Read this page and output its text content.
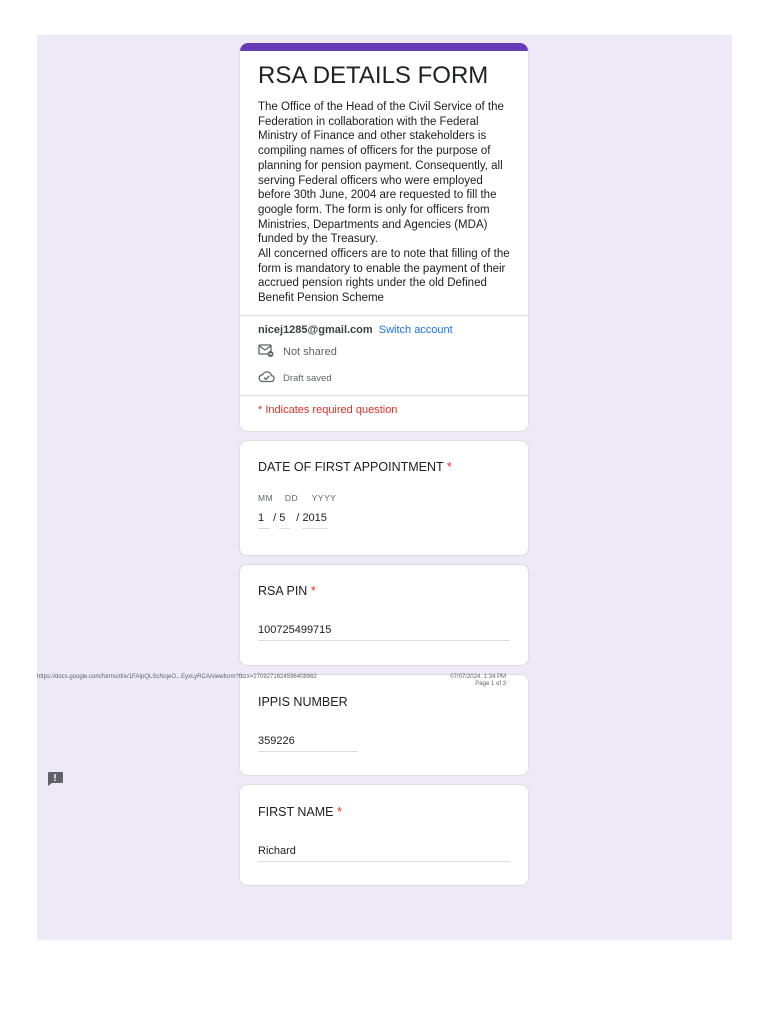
RSA DETAILS FORM
The Office of the Head of the Civil Service of the Federation in collaboration with the Federal Ministry of Finance and other stakeholders is compiling names of officers for the purpose of planning for pension payment. Consequently, all serving Federal officers who were employed before 30th June, 2004 are requested to fill the google form. The form is only for officers from Ministries, Departments and Agencies (MDA) funded by the Treasury.
All concerned officers are to note that filling of the form is mandatory to enable the payment of their accrued pension rights under the old Defined Benefit Pension Scheme
nicej1285@gmail.com Switch account
Not shared
Draft saved
* Indicates required question
DATE OF FIRST APPOINTMENT *
MM DD YYYY
1 / 5  / 2015
RSA PIN *
100725499715
IPPIS NUMBER
359226
FIRST NAME *
Richard
https://docs.google.com/forms/d/e/1FAIpQLScNcjeO...EyxLyRCA/viewform?fbzx=2709271624596408962	07/07/2024, 1:34 PM
Page 1 of 3
